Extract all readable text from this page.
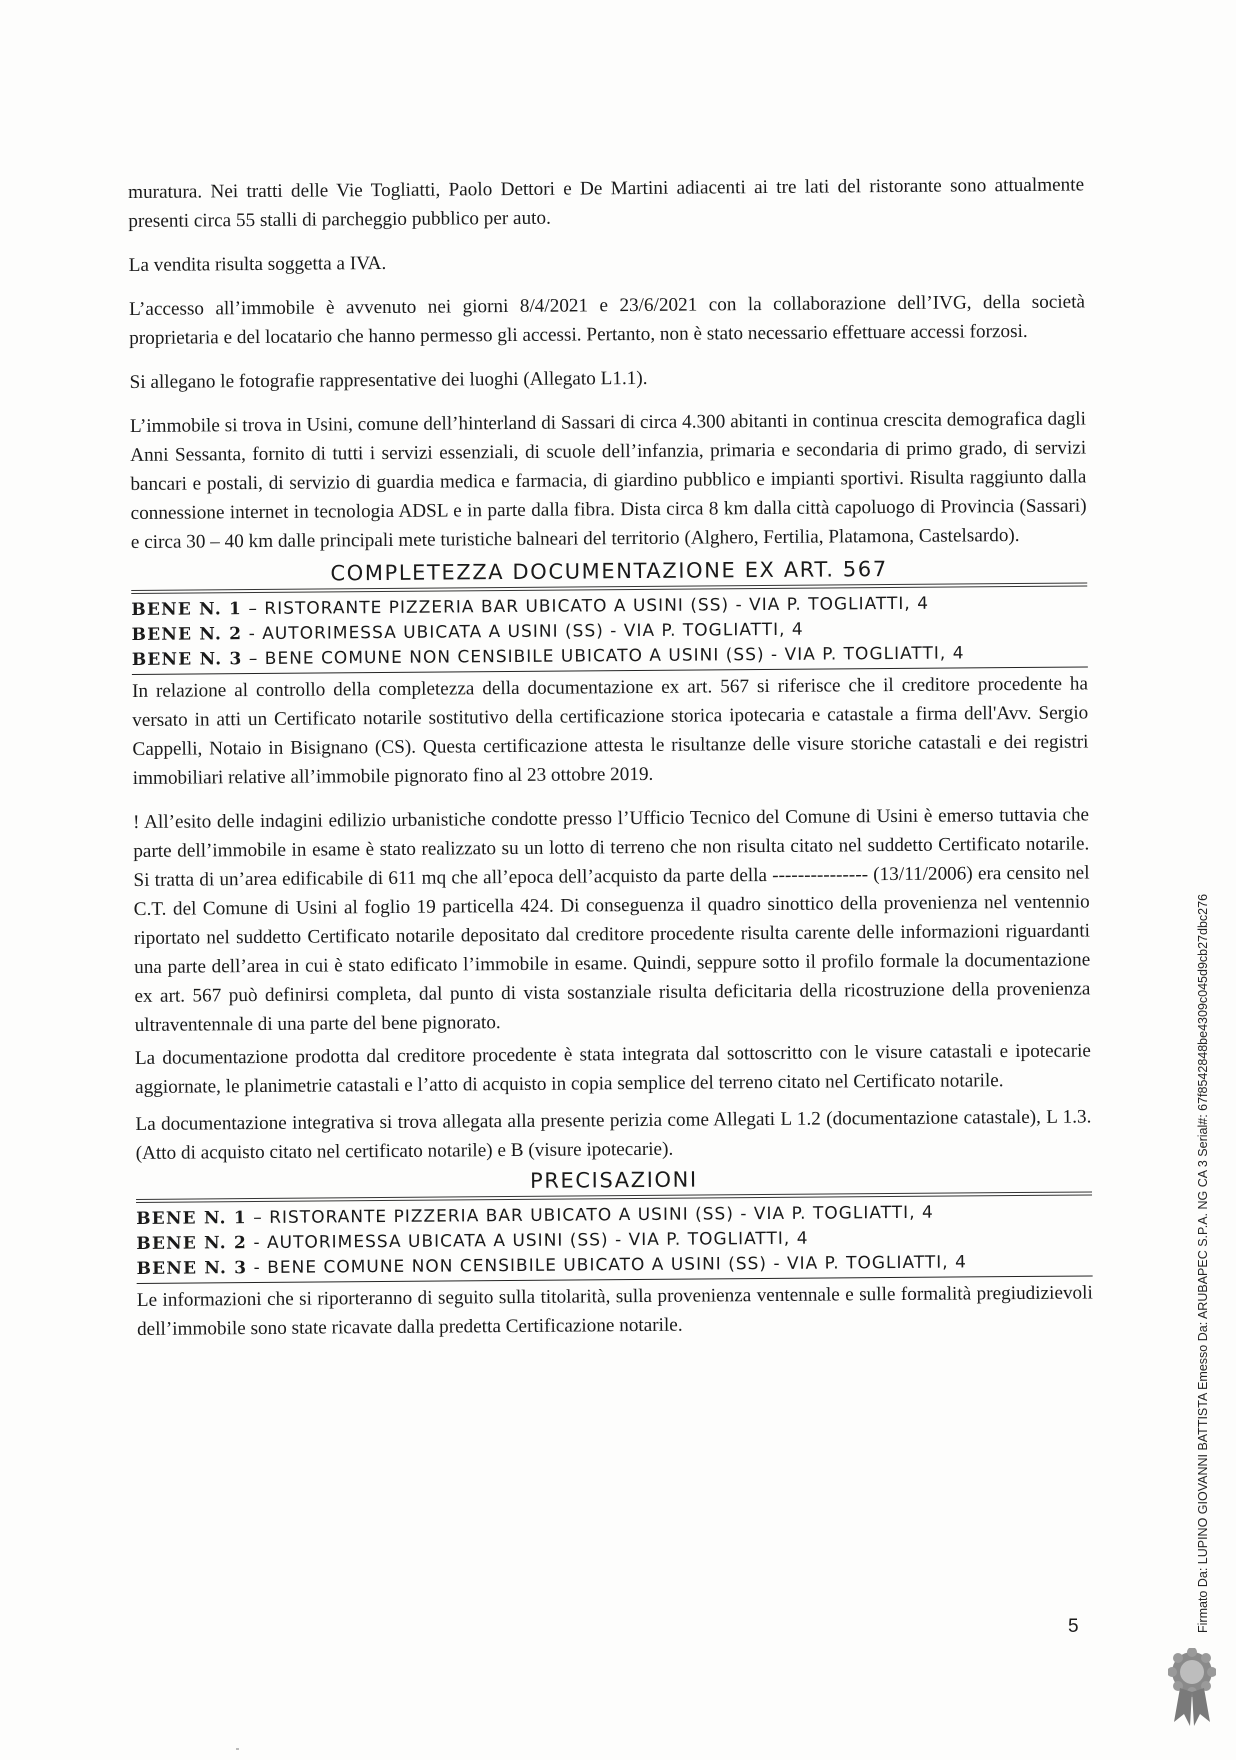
muratura. Nei tratti delle Vie Togliatti, Paolo Dettori e De Martini adiacenti ai tre lati del ristorante sono attualmente presenti circa 55 stalli di parcheggio pubblico per auto.

La vendita risulta soggetta a IVA.

L’accesso all’immobile è avvenuto nei giorni 8/4/2021 e 23/6/2021 con la collaborazione dell’IVG, della società proprietaria e del locatario che hanno permesso gli accessi. Pertanto, non è stato necessario effettuare accessi forzosi.

Si allegano le fotografie rappresentative dei luoghi (Allegato L1.1).

L’immobile si trova in Usini, comune dell’hinterland di Sassari di circa 4.300 abitanti in continua crescita demografica dagli Anni Sessanta, fornito di tutti i servizi essenziali, di scuole dell’infanzia, primaria e secondaria di primo grado, di servizi bancari e postali, di servizio di guardia medica e farmacia, di giardino pubblico e impianti sportivi. Risulta raggiunto dalla connessione internet in tecnologia ADSL e in parte dalla fibra. Dista circa 8 km dalla città capoluogo di Provincia (Sassari) e circa 30 – 40 km dalle principali mete turistiche balneari del territorio (Alghero, Fertilia, Platamona, Castelsardo).

COMPLETEZZA DOCUMENTAZIONE EX ART. 567

BENE N. 1 – RISTORANTE PIZZERIA BAR UBICATO A USINI (SS) - VIA P. TOGLIATTI, 4

BENE N. 2 - AUTORIMESSA UBICATA A USINI (SS) - VIA P. TOGLIATTI, 4

BENE N. 3 – BENE COMUNE NON CENSIBILE UBICATO A USINI (SS) - VIA P. TOGLIATTI, 4

In relazione al controllo della completezza della documentazione ex art. 567 si riferisce che il creditore procedente ha versato in atti un Certificato notarile sostitutivo della certificazione storica ipotecaria e catastale a firma dell'Avv. Sergio Cappelli, Notaio in Bisignano (CS). Questa certificazione attesta le risultanze delle visure storiche catastali e dei registri immobiliari relative all’immobile pignorato fino al 23 ottobre 2019.

! All’esito delle indagini edilizio urbanistiche condotte presso l’Ufficio Tecnico del Comune di Usini è emerso tuttavia che parte dell’immobile in esame è stato realizzato su un lotto di terreno che non risulta citato nel suddetto Certificato notarile. Si tratta di un’area edificabile di 611 mq che all’epoca dell’acquisto da parte della --------------- (13/11/2006) era censito nel C.T. del Comune di Usini al foglio 19 particella 424. Di conseguenza il quadro sinottico della provenienza nel ventennio riportato nel suddetto Certificato notarile depositato dal creditore procedente risulta carente delle informazioni riguardanti una parte dell’area in cui è stato edificato l’immobile in esame. Quindi, seppure sotto il profilo formale la documentazione ex art. 567 può definirsi completa, dal punto di vista sostanziale risulta deficitaria della ricostruzione della provenienza ultraventennale di una parte del bene pignorato.

La documentazione prodotta dal creditore procedente è stata integrata dal sottoscritto con le visure catastali e ipotecarie aggiornate, le planimetrie catastali e l’atto di acquisto in copia semplice del terreno citato nel Certificato notarile.

La documentazione integrativa si trova allegata alla presente perizia come Allegati L 1.2 (documentazione catastale), L 1.3. (Atto di acquisto citato nel certificato notarile) e B (visure ipotecarie).

PRECISAZIONI

BENE N. 1 – RISTORANTE PIZZERIA BAR UBICATO A USINI (SS) - VIA P. TOGLIATTI, 4

BENE N. 2 - AUTORIMESSA UBICATA A USINI (SS) - VIA P. TOGLIATTI, 4

BENE N. 3 - BENE COMUNE NON CENSIBILE UBICATO A USINI (SS) - VIA P. TOGLIATTI, 4

Le informazioni che si riporteranno di seguito sulla titolarità, sulla provenienza ventennale e sulle formalità pregiudizievoli dell’immobile sono state ricavate dalla predetta Certificazione notarile.

5	Firmato Da: LUPINO GIOVANNI BATTISTA Emesso Da: ARUBAPEC S.P.A. NG CA 3 Serial#: 67f8542848be4309c045d9cb27dbc276
